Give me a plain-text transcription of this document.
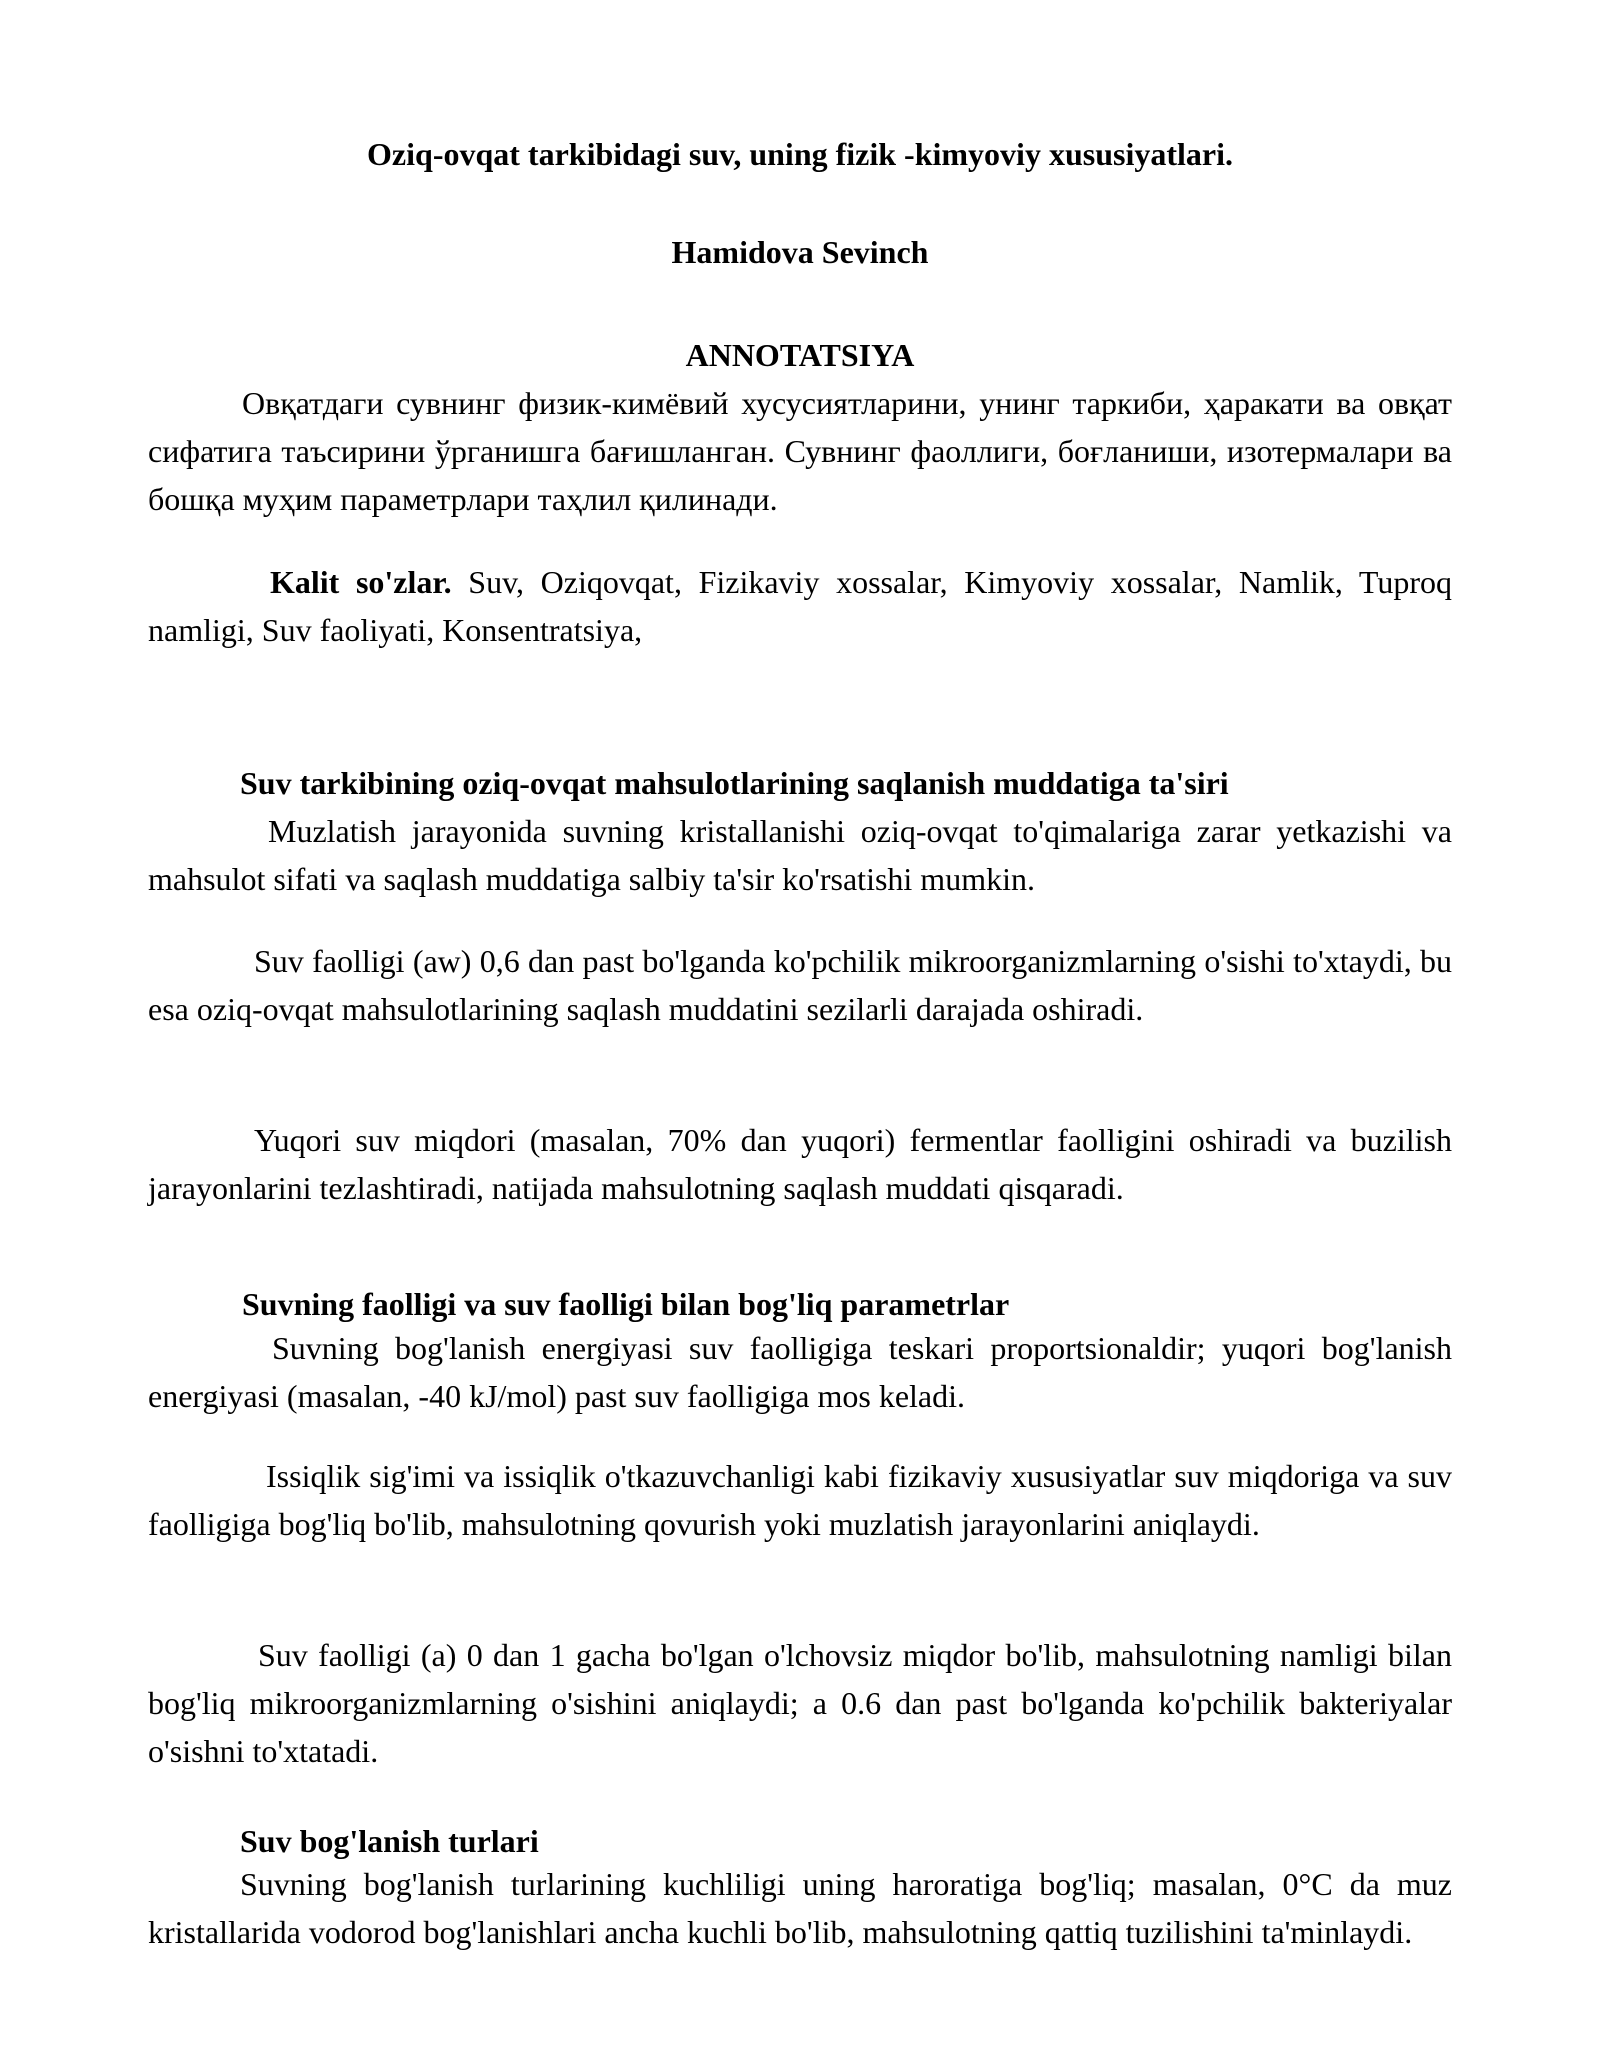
Oziq-ovqat tarkibidagi suv, uning fizik -kimyoviy xususiyatlari.
Hamidova Sevinch
ANNOTATSIYA

Овқатдаги сувнинг физик-кимёвий хусусиятларини, унинг таркиби, ҳаракати ва овқат сифатига таъсирини ўрганишга бағишланган. Сувнинг фаоллиги, боғланиши, изотермалари ва бошқа муҳим параметрлари таҳлил қилинади.

Kalit so'zlar. Suv, Oziqovqat, Fizikaviy xossalar, Kimyoviy xossalar, Namlik, Tuproq namligi, Suv faoliyati, Konsentratsiya,

Suv tarkibining oziq-ovqat mahsulotlarining saqlanish muddatiga ta'siri

Muzlatish jarayonida suvning kristallanishi oziq-ovqat to'qimalariga zarar yetkazishi va mahsulot sifati va saqlash muddatiga salbiy ta'sir ko'rsatishi mumkin.

Suv faolligi (aw) 0,6 dan past bo'lganda ko'pchilik mikroorganizmlarning o'sishi to'xtaydi, bu esa oziq-ovqat mahsulotlarining saqlash muddatini sezilarli darajada oshiradi.

Yuqori suv miqdori (masalan, 70% dan yuqori) fermentlar faolligini oshiradi va buzilish jarayonlarini tezlashtiradi, natijada mahsulotning saqlash muddati qisqaradi.

Suvning faolligi va suv faolligi bilan bog'liq parametrlar

Suvning bog'lanish energiyasi suv faolligiga teskari proportsionaldir; yuqori bog'lanish energiyasi (masalan, -40 kJ/mol) past suv faolligiga mos keladi.

Issiqlik sig'imi va issiqlik o'tkazuvchanligi kabi fizikaviy xususiyatlar suv miqdoriga va suv faolligiga bog'liq bo'lib, mahsulotning qovurish yoki muzlatish jarayonlarini aniqlaydi.

Suv faolligi (a) 0 dan 1 gacha bo'lgan o'lchovsiz miqdor bo'lib, mahsulotning namligi bilan bog'liq mikroorganizmlarning o'sishini aniqlaydi; a 0.6 dan past bo'lganda ko'pchilik bakteriyalar o'sishni to'xtatadi.

Suv bog'lanish turlari

Suvning bog'lanish turlarining kuchliligi uning haroratiga bog'liq; masalan, 0°C da muz kristallarida vodorod bog'lanishlari ancha kuchli bo'lib, mahsulotning qattiq tuzilishini ta'minlaydi.
